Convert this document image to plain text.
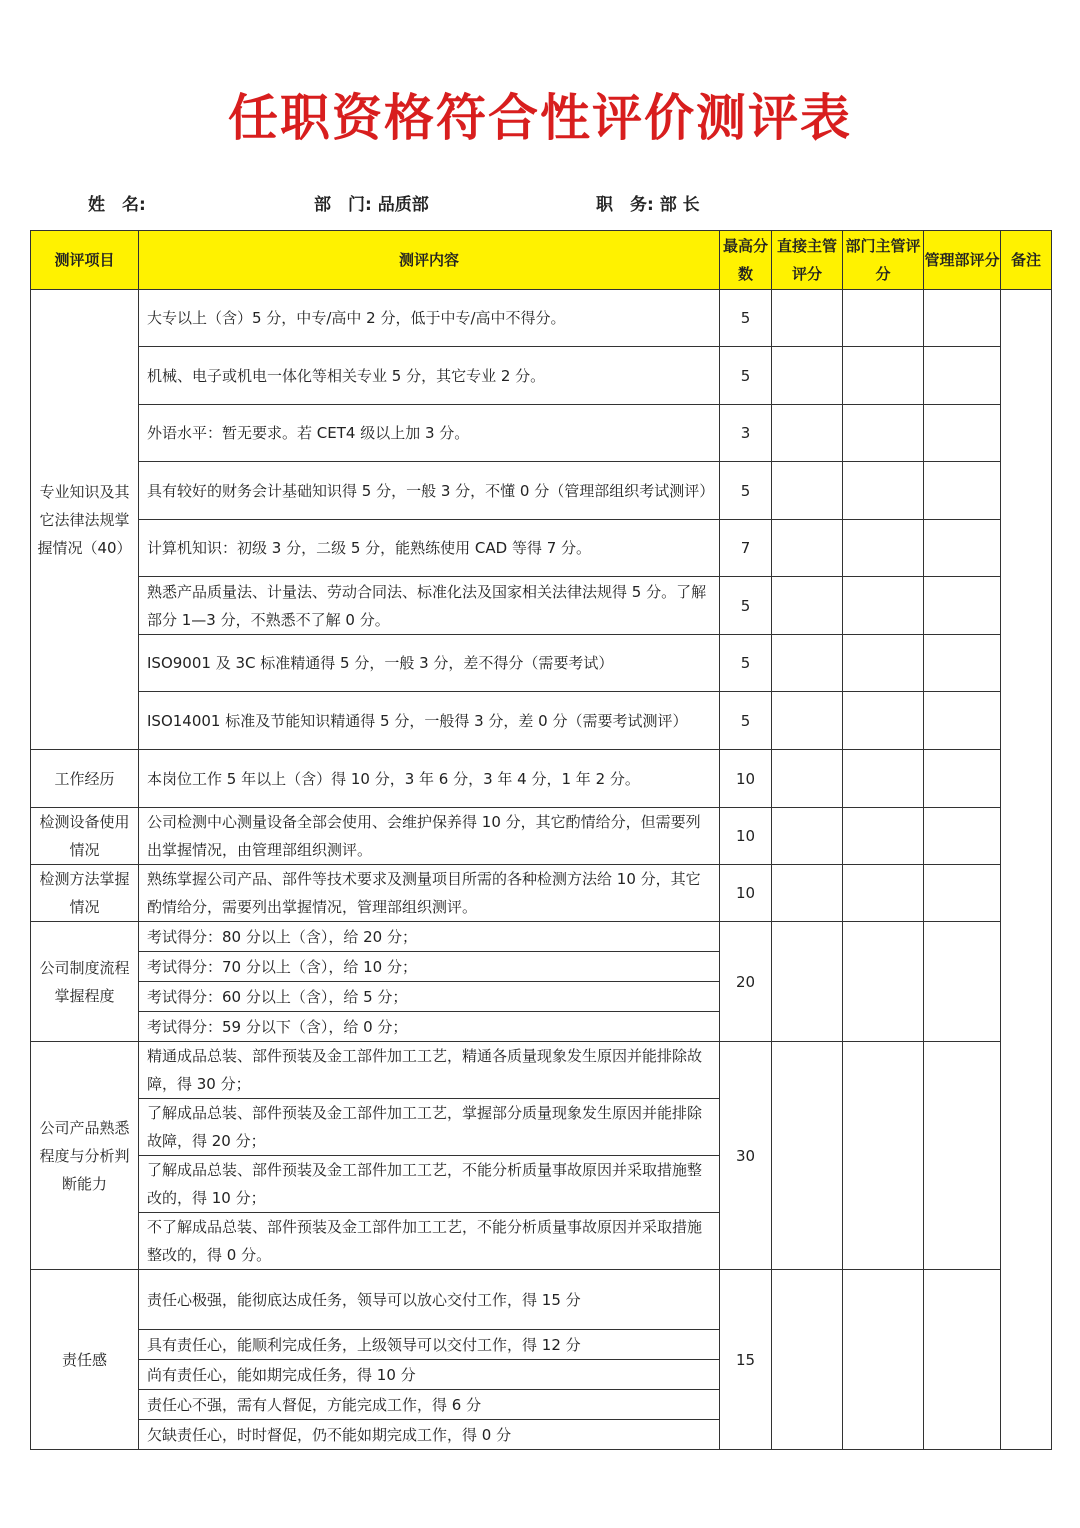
任职资格符合性评价测评表
姓　名:	部　门: 品质部	职　务: 部 长
测评项目	测评内容	最高分数	直接主管评分	部门主管评分	管理部评分	备注
专业知识及其它法律法规掌握情况（40）	大专以上（含）5 分，中专/高中 2 分，低于中专/高中不得分。	5				
	机械、电子或机电一体化等相关专业 5 分，其它专业 2 分。	5				
	外语水平：暂无要求。若 CET4 级以上加 3 分。	3				
	具有较好的财务会计基础知识得 5 分，一般 3 分，不懂 0 分（管理部组织考试测评）	5				
	计算机知识：初级 3 分，二级 5 分，能熟练使用 CAD 等得 7 分。	7				
	熟悉产品质量法、计量法、劳动合同法、标准化法及国家相关法律法规得 5 分。了解部分 1—3 分，不熟悉不了解 0 分。	5				
	ISO9001 及 3C 标准精通得 5 分，一般 3 分，差不得分（需要考试）	5				
	ISO14001 标准及节能知识精通得 5 分，一般得 3 分，差 0 分（需要考试测评）	5				
工作经历	本岗位工作 5 年以上（含）得 10 分，3 年 6 分，3 年 4 分，1 年 2 分。	10				
检测设备使用情况	公司检测中心测量设备全部会使用、会维护保养得 10 分，其它酌情给分，但需要列出掌握情况，由管理部组织测评。	10				
检测方法掌握情况	熟练掌握公司产品、部件等技术要求及测量项目所需的各种检测方法给 10 分，其它酌情给分，需要列出掌握情况，管理部组织测评。	10				
公司制度流程掌握程度	考试得分：80 分以上（含），给 20 分；	20				
	考试得分：70 分以上（含），给 10 分；					
	考试得分：60 分以上（含），给 5 分；					
	考试得分：59 分以下（含），给 0 分；					
公司产品熟悉程度与分析判断能力	精通成品总装、部件预装及金工部件加工工艺，精通各质量现象发生原因并能排除故障，得 30 分；	30				
	了解成品总装、部件预装及金工部件加工工艺，掌握部分质量现象发生原因并能排除故障，得 20 分；					
	了解成品总装、部件预装及金工部件加工工艺，不能分析质量事故原因并采取措施整改的，得 10 分；					
	不了解成品总装、部件预装及金工部件加工工艺，不能分析质量事故原因并采取措施整改的，得 0 分。					
责任感	责任心极强，能彻底达成任务，领导可以放心交付工作，得 15 分	15				
	具有责任心，能顺利完成任务，上级领导可以交付工作，得 12 分					
	尚有责任心，能如期完成任务，得 10 分					
	责任心不强，需有人督促，方能完成工作，得 6 分					
	欠缺责任心，时时督促，仍不能如期完成工作，得 0 分					
